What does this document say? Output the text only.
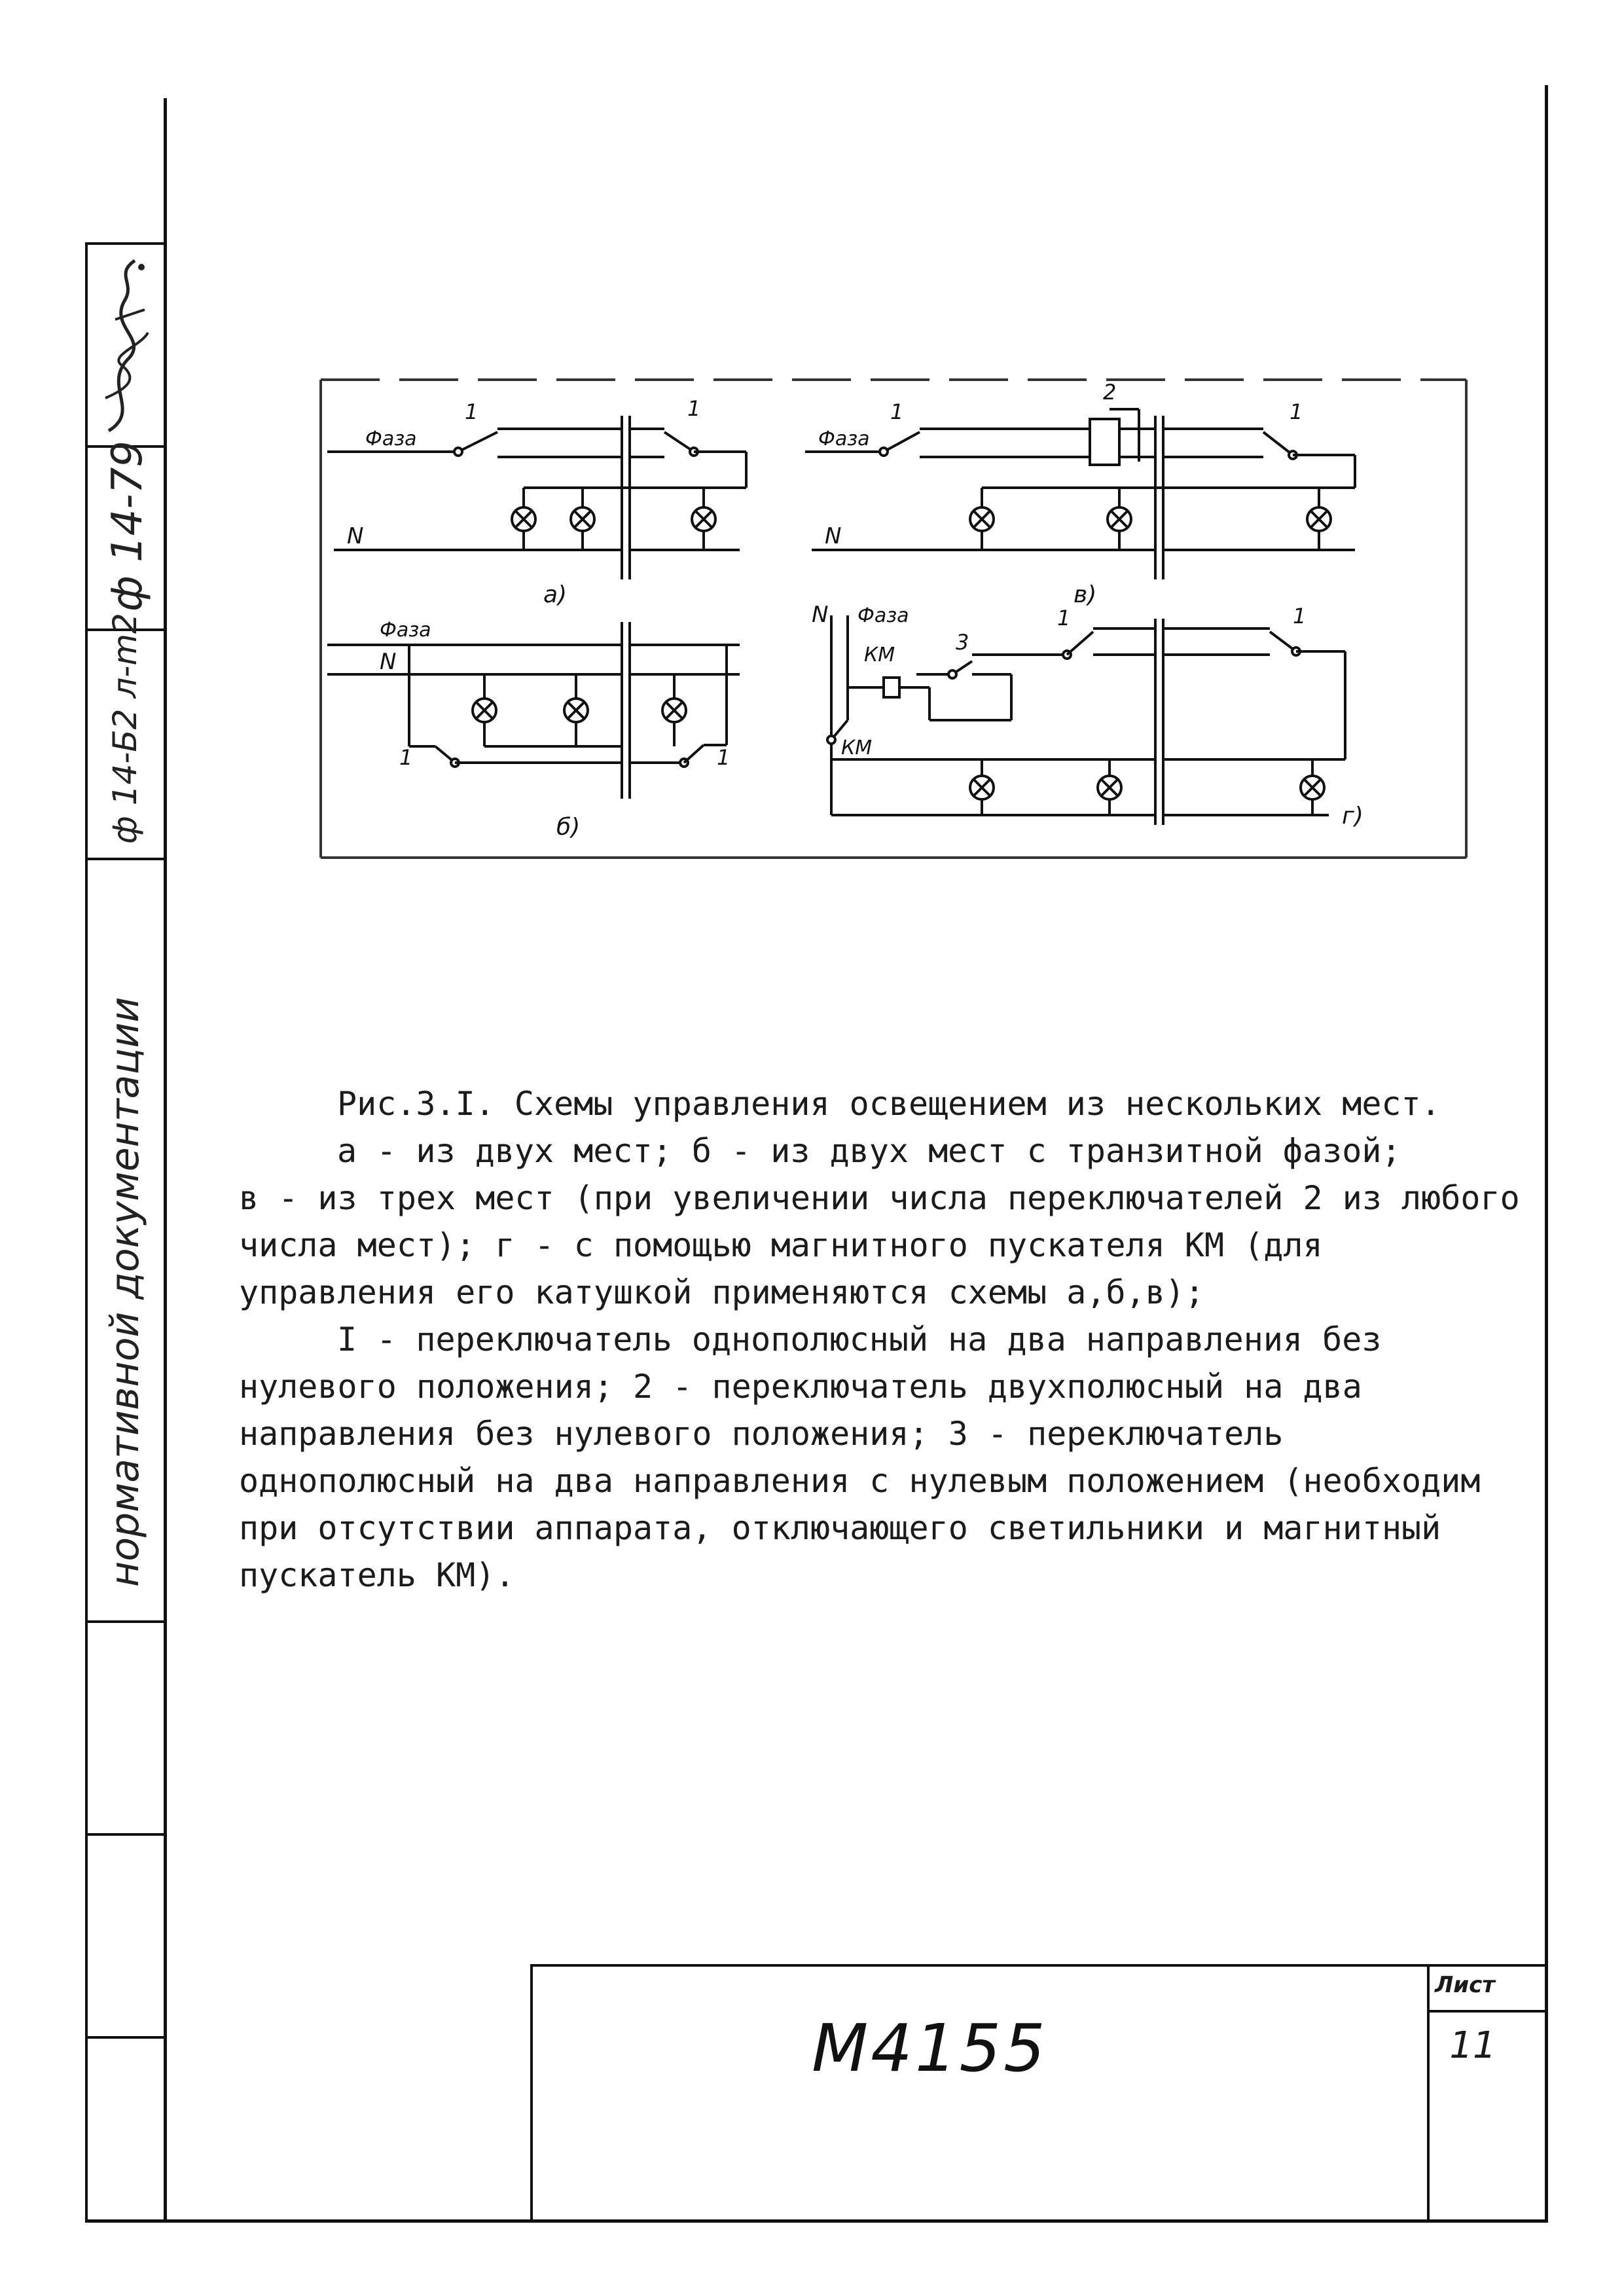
ф 14-79
ф 14-Б2 л-m2
нормативной документации
Фаза
1	1
N
а)
Фаза
N
1	1
б)
Фаза
1
2
1
N
в)
N Фаза
КМ
КМ
3
1	1
г)

Рис.3.I. Схемы управления освещением из нескольких мест.

а - из двух мест; б - из двух мест с транзитной фазой;

в - из трех мест (при увеличении числа переключателей 2 из любого числа мест); г - с помощью магнитного пускателя КМ (для управления его катушкой применяются схемы а,б,в);

I - переключатель однополюсный на два направления без нулевого положения; 2 - переключатель двухполюсный на два направления без нулевого положения; 3 - переключатель однополюсный на два направления с нулевым положением (необходим при отсутствии аппарата, отключающего светильники и магнитный пускатель КМ).

М4155
Лист
11
